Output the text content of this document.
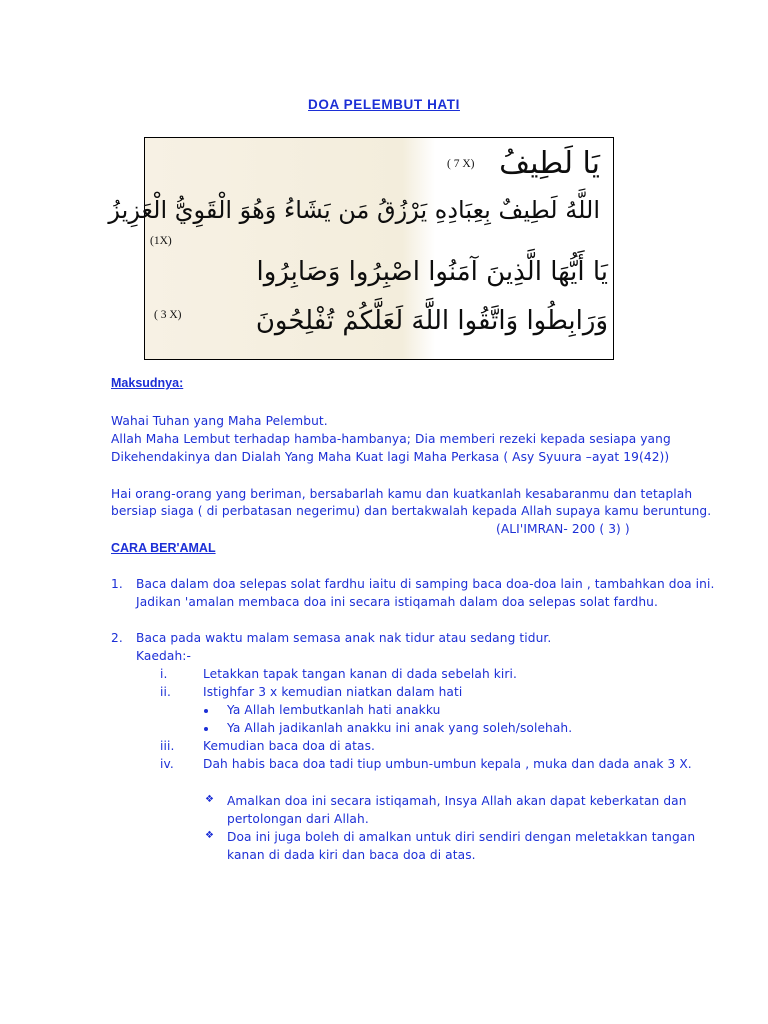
DOA PELEMBUT HATI
يَا لَطِيفُ
( 7 X)
اللَّهُ لَطِيفٌ بِعِبَادِهِ يَرْزُقُ مَن يَشَاءُ وَهُوَ الْقَوِيُّ الْعَزِيزُ
(1X)
يَا أَيُّهَا الَّذِينَ آمَنُوا اصْبِرُوا وَصَابِرُوا
وَرَابِطُوا وَاتَّقُوا اللَّهَ لَعَلَّكُمْ تُفْلِحُونَ
( 3 X)
Maksudnya:
Wahai Tuhan yang Maha Pelembut.
Allah Maha Lembut terhadap hamba-hambanya; Dia memberi rezeki kepada sesiapa yang
Dikehendakinya dan Dialah Yang Maha Kuat lagi Maha Perkasa ( Asy Syuura –ayat 19(42))
Hai orang-orang yang beriman, bersabarlah kamu dan kuatkanlah kesabaranmu dan tetaplah
bersiap siaga ( di perbatasan negerimu) dan bertakwalah kepada Allah supaya kamu beruntung.
(ALI'IMRAN- 200 ( 3) )
CARA BER'AMAL
1. Baca dalam doa selepas solat fardhu iaitu di samping baca doa-doa lain , tambahkan doa ini.
Jadikan 'amalan membaca doa ini secara istiqamah dalam doa selepas solat fardhu.
2. Baca pada waktu malam semasa anak nak tidur atau sedang tidur.
Kaedah:-
i.	Letakkan tapak tangan kanan di dada sebelah kiri.
ii.	Istighfar 3 x kemudian niatkan dalam hati
Ya Allah lembutkanlah hati anakku
Ya Allah jadikanlah anakku ini anak yang soleh/solehah.
iii. Kemudian baca doa di atas.
iv. Dah habis baca doa tadi tiup umbun-umbun kepala , muka dan dada anak 3 X.
❖ Amalkan doa ini secara istiqamah, Insya Allah akan dapat keberkatan dan
pertolongan dari Allah.
❖ Doa ini juga boleh di amalkan untuk diri sendiri dengan meletakkan tangan
kanan di dada kiri dan baca doa di atas.
